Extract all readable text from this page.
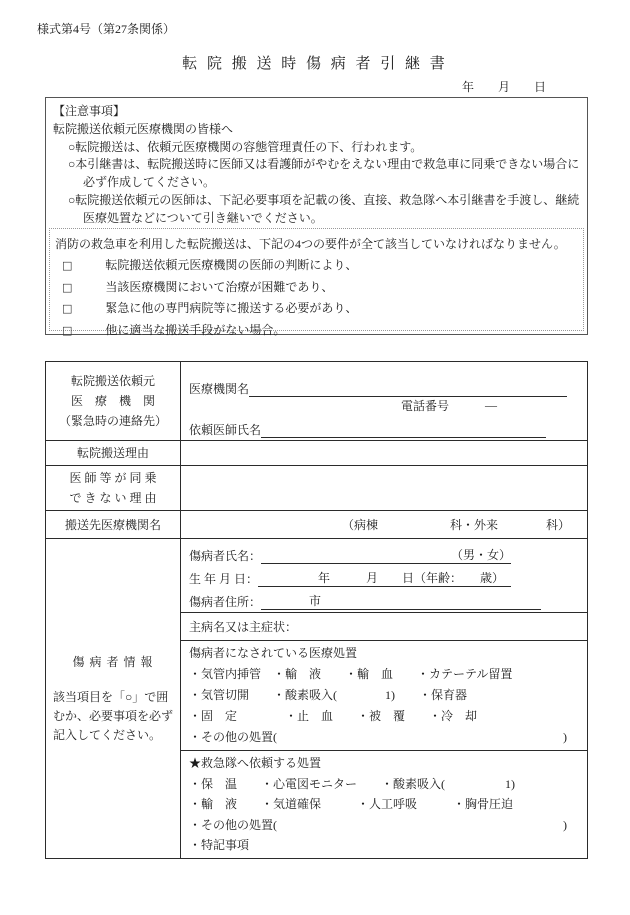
様式第4号（第27条関係）
転 院 搬 送 時 傷 病 者 引 継 書
年　　月　　日
【注意事項】
転院搬送依頼元医療機関の皆様へ
○転院搬送は、依頼元医療機関の容態管理責任の下、行われます。
○本引継書は、転院搬送時に医師又は看護師がやむをえない理由で救急車に同乗できない場合に必ず作成してください。
○転院搬送依頼元の医師は、下記必要事項を記載の後、直接、救急隊へ本引継書を手渡し、継続医療処置などについて引き継いでください。
消防の救急車を利用した転院搬送は、下記の4つの要件が全て該当していなければなりません。
□	転院搬送依頼元医療機関の医師の判断により、
□	当該医療機関において治療が困難であり、
□	緊急に他の専門病院等に搬送する必要があり、
□	他に適当な搬送手段がない場合。
転院搬送依頼元
医　療　機　関
（緊急時の連絡先）

医療機関名
電話番号	―
依頼医師氏名

転院搬送理由	

医 師 等 が 同 乗
で き な い 理 由	

搬送先医療機関名	（病棟　　　　　　科・外来　　　　科）

傷 病 者 情 報
該当項目を「○」で囲むか、必要事項を必ず記入してください。

傷病者氏名：	（男・女）
生 年 月 日： 　　　　　年　　　月　　日（年齢：　　歳）
傷病者住所： 　　　　市

	主病名又は主症状：

傷病者になされている医療処置
・気管内挿管　・輸　液　　・輸　血　　・カテーテル留置
・気管切開　　・酸素吸入(　　　　1)　　・保育器
・固　定　　　　・止　血　　・被　覆　　・冷　却
・その他の処置(	)

★救急隊へ依頼する処置
・保　温　　・心電図モニター　　・酸素吸入(　　　　　1)
・輸　液　　・気道確保　　　・人工呼吸　　　・胸骨圧迫
・その他の処置(	)
・特記事項
